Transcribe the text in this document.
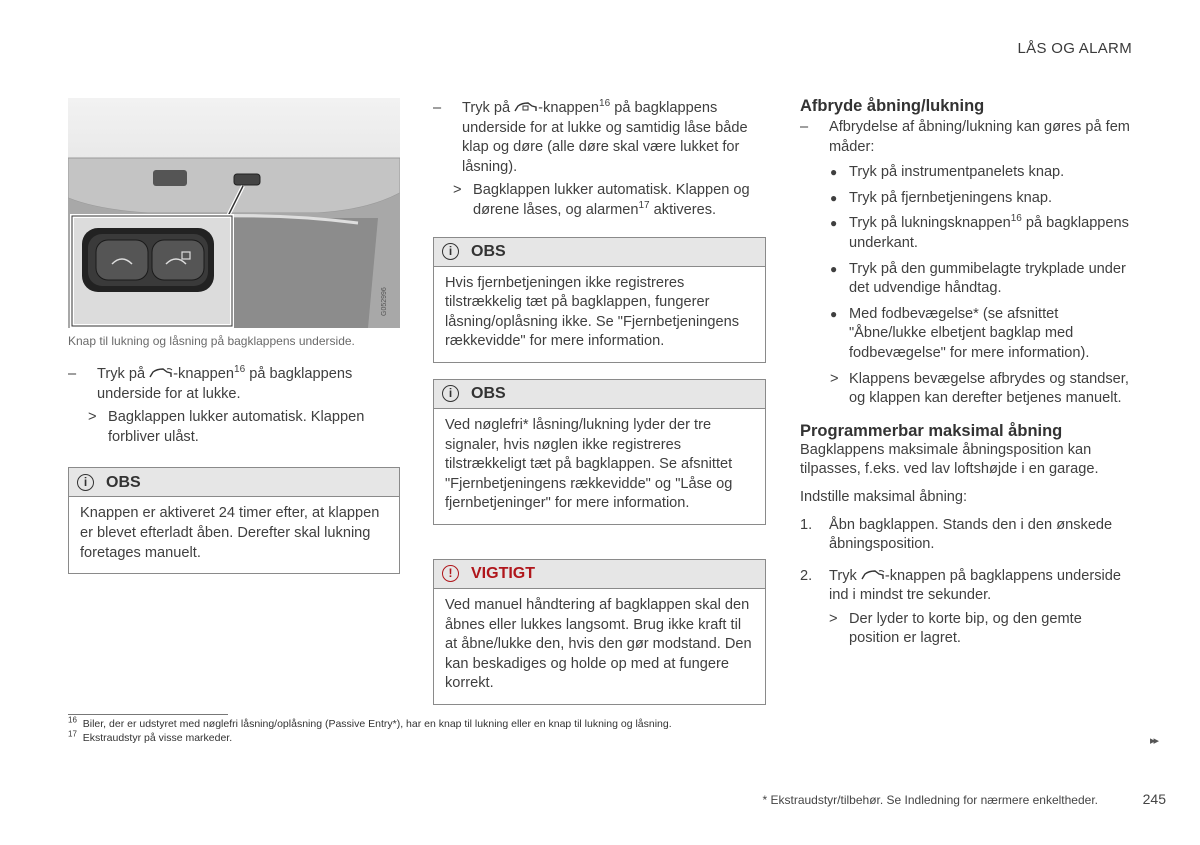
LÅS OG ALARM
G052996
Knap til lukning og låsning på bagklappens underside.
– Tryk på -knappen$^{16}$ på bagklappens underside for at lukke.
> Bagklappen lukker automatisk. Klappen forbliver ulåst.
i	OBS
Knappen er aktiveret 24 timer efter, at klappen er blevet efterladt åben. Derefter skal lukning foretages manuelt.
– Tryk på -knappen$^{16}$ på bagklappens underside for at lukke og samtidig låse både klap og døre (alle døre skal være lukket for låsning).
> Bagklappen lukker automatisk. Klappen og dørene låses, og alarmen$^{17}$ aktiveres.
i	OBS
Hvis fjernbetjeningen ikke registreres tilstrækkelig tæt på bagklappen, fungerer låsning/oplåsning ikke. Se "Fjernbetjeningens rækkevidde" for mere information.
i	OBS
Ved nøglefri* låsning/lukning lyder der tre signaler, hvis nøglen ikke registreres tilstrækkeligt tæt på bagklappen. Se afsnittet "Fjernbetjeningens rækkevidde" og "Låse og fjernbetjeninger" for mere information.
!	VIGTIGT
Ved manuel håndtering af bagklappen skal den åbnes eller lukkes langsomt. Brug ikke kraft til at åbne/lukke den, hvis den gør modstand. Den kan beskadiges og holde op med at fungere korrekt.
Afbryde åbning/lukning
– Afbrydelse af åbning/lukning kan gøres på fem måder:
● Tryk på instrumentpanelets knap.
● Tryk på fjernbetjeningens knap.
● Tryk på lukningsknappen$^{16}$ på bagklappens underkant.
● Tryk på den gummibelagte trykplade under det udvendige håndtag.
● Med fodbevægelse* (se afsnittet "Åbne/lukke elbetjent bagklap med fodbevægelse" for mere information).
> Klappens bevægelse afbrydes og standser, og klappen kan derefter betjenes manuelt.
Programmerbar maksimal åbning
Bagklappens maksimale åbningsposition kan tilpasses, f.eks. ved lav loftshøjde i en garage.
Indstille maksimal åbning:
1. Åbn bagklappen. Stands den i den ønskede åbningsposition.
2. Tryk -knappen på bagklappens underside ind i mindst tre sekunder.
> Der lyder to korte bip, og den gemte position er lagret.
$^{16}$ Biler, der er udstyret med nøglefri låsning/oplåsning (Passive Entry*), har en knap til lukning eller en knap til lukning og låsning.
$^{17}$ Ekstraudstyr på visse markeder.	▸▸
* Ekstraudstyr/tilbehør. Se Indledning for nærmere enkeltheder.	245
